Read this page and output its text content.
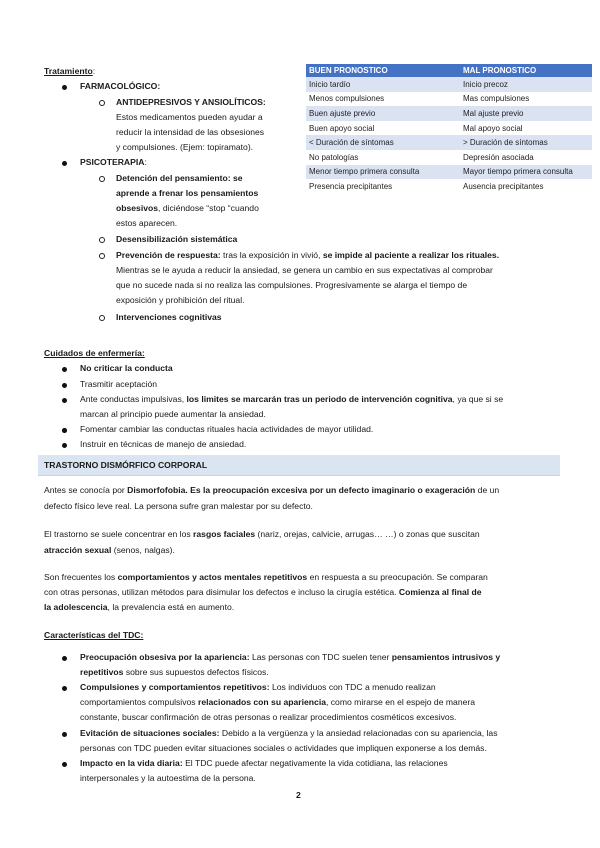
Tratamiento:
FARMACOLÓGICO:
ANTIDEPRESIVOS Y ANSIOLÍTICOS:
Estos medicamentos pueden ayudar a
reducir la intensidad de las obsesiones
y compulsiones. (Ejem: topiramato).
PSICOTERAPIA:
Detención del pensamiento: se
aprende a frenar los pensamientos
obsesivos, diciéndose “stop “cuando
estos aparecen.
Desensibilización sistemática
Prevención de respuesta: tras la exposición in vivió, se impide al paciente a realizar los rituales.
Mientras se le ayuda a reducir la ansiedad, se genera un cambio en sus expectativas al comprobar
que no sucede nada si no realiza las compulsiones. Progresivamente se alarga el tiempo de
exposición y prohibición del ritual.
Intervenciones cognitivas
BUEN PRONOSTICO	MAL PRONOSTICO
Inicio tardío	Inicio precoz
Menos compulsiones	Mas compulsiones
Buen ajuste previo	Mal ajuste previo
Buen apoyo social	Mal apoyo social
< Duración de síntomas	> Duración de síntomas
No patologías	Depresión asociada
Menor tiempo primera consulta	Mayor tiempo primera consulta
Presencia precipitantes	Ausencia precipitantes
Cuidados de enfermería:
No criticar la conducta
Trasmitir aceptación
Ante conductas impulsivas, los limites se marcarán tras un periodo de intervención cognitiva, ya que si se
marcan al principio puede aumentar la ansiedad.
Fomentar cambiar las conductas rituales hacia actividades de mayor utilidad.
Instruir en técnicas de manejo de ansiedad.
TRASTORNO DISMÓRFICO CORPORAL
Antes se conocía por Dismorfofobia. Es la preocupación excesiva por un defecto imaginario o exageración de un
defecto físico leve real. La persona sufre gran malestar por su defecto.
El trastorno se suele concentrar en los rasgos faciales (nariz, orejas, calvicie, arrugas… …) o zonas que suscitan
atracción sexual (senos, nalgas).
Son frecuentes los comportamientos y actos mentales repetitivos en respuesta a su preocupación. Se comparan
con otras personas, utilizan métodos para disimular los defectos e incluso la cirugía estética. Comienza al final de
la adolescencia, la prevalencia está en aumento.
Características del TDC:
Preocupación obsesiva por la apariencia: Las personas con TDC suelen tener pensamientos intrusivos y
repetitivos sobre sus supuestos defectos físicos.
Compulsiones y comportamientos repetitivos: Los individuos con TDC a menudo realizan
comportamientos compulsivos relacionados con su apariencia, como mirarse en el espejo de manera
constante, buscar confirmación de otras personas o realizar procedimientos cosméticos excesivos.
Evitación de situaciones sociales: Debido a la vergüenza y la ansiedad relacionadas con su apariencia, las
personas con TDC pueden evitar situaciones sociales o actividades que impliquen exponerse a los demás.
Impacto en la vida diaria: El TDC puede afectar negativamente la vida cotidiana, las relaciones
interpersonales y la autoestima de la persona.
2
